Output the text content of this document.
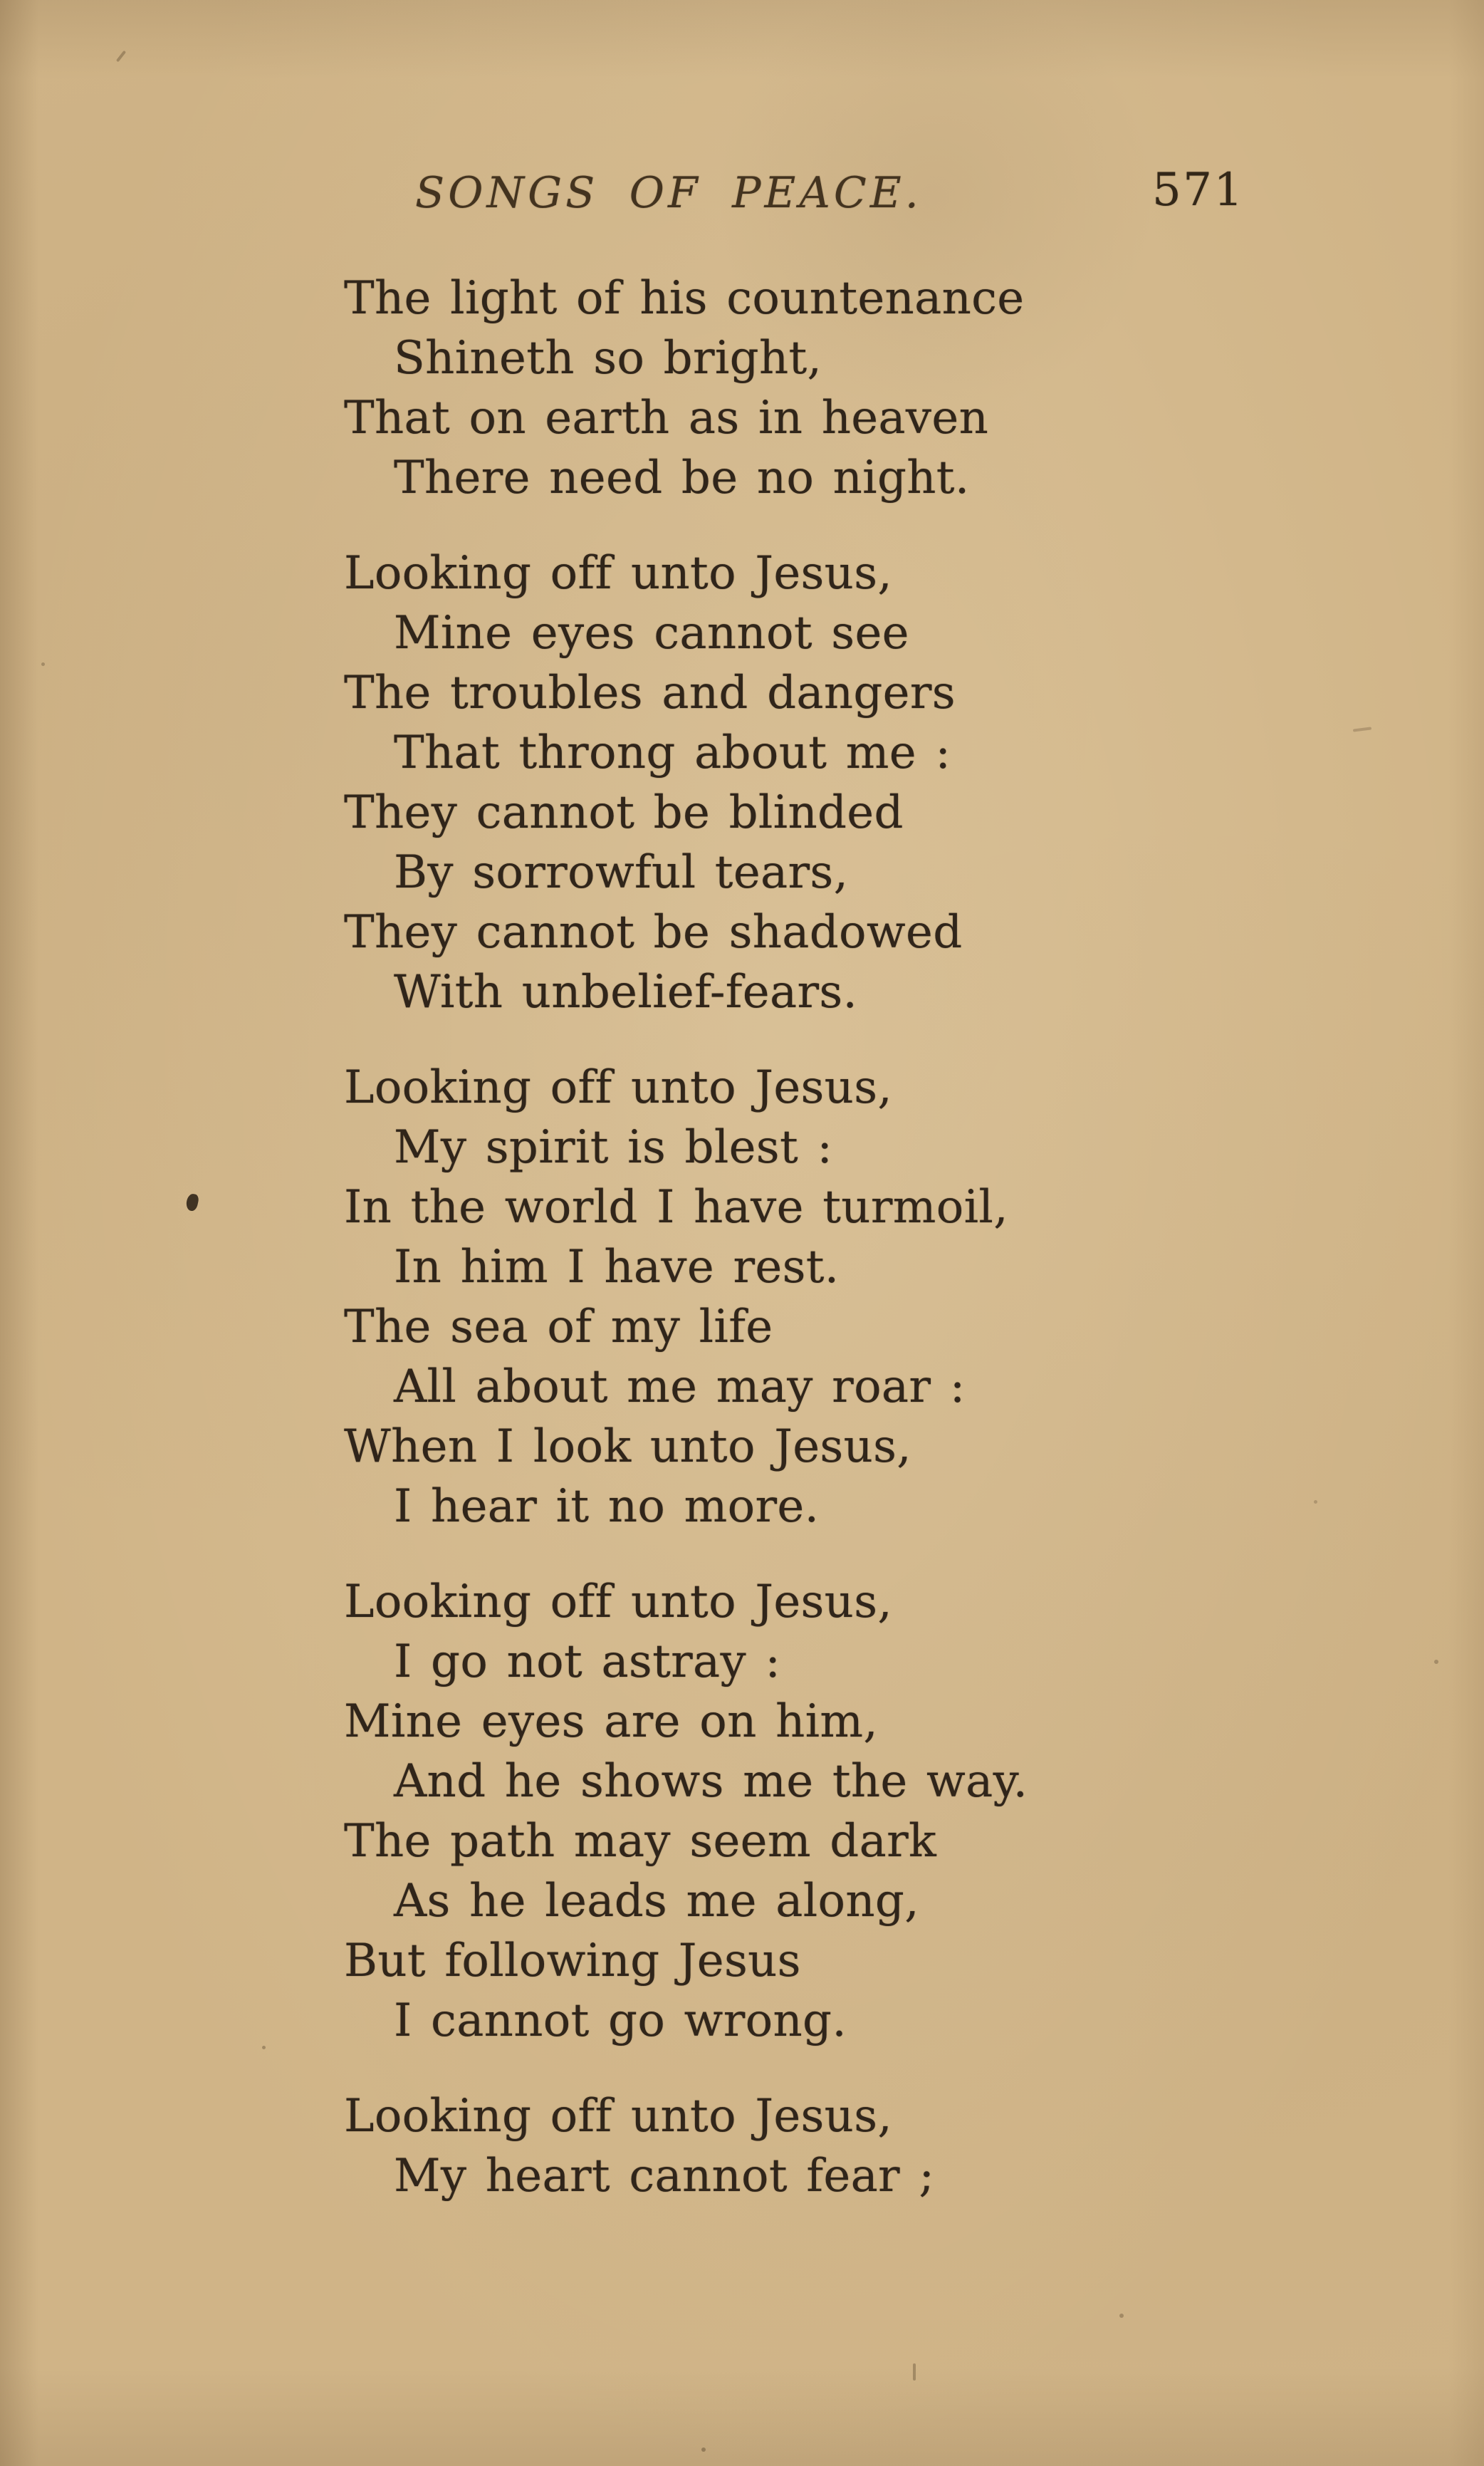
SONGS OF PEACE.	571
The light of his countenance
Shineth so bright,
That on earth as in heaven
There need be no night.
Looking off unto Jesus,
Mine eyes cannot see
The troubles and dangers
That throng about me :
They cannot be blinded
By sorrowful tears,
They cannot be shadowed
With unbelief-fears.
Looking off unto Jesus,
My spirit is blest :
In the world I have turmoil,
In him I have rest.
The sea of my life
All about me may roar :
When I look unto Jesus,
I hear it no more.
Looking off unto Jesus,
I go not astray :
Mine eyes are on him,
And he shows me the way.
The path may seem dark
As he leads me along,
But following Jesus
I cannot go wrong.
Looking off unto Jesus,
My heart cannot fear ;
